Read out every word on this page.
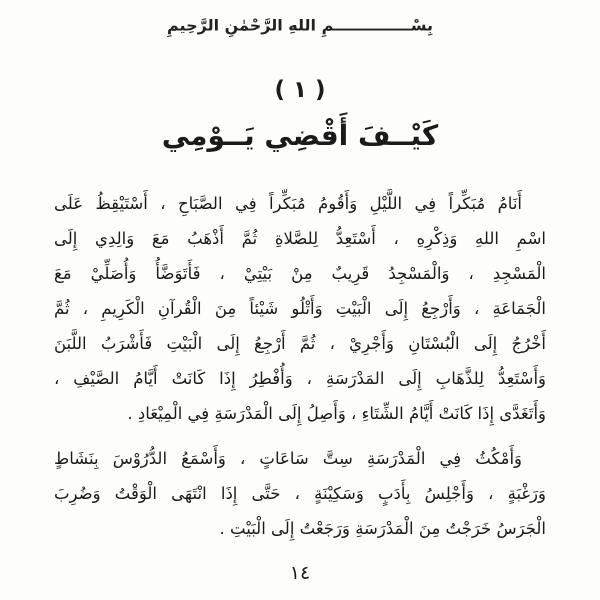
بِسْــــــــــــــمِ اللهِ الرَّحْمٰنِ الرَّحِيمِ
( ١ )
كَيْــفَ أَقْضِي يَــوْمِي
أَنَامُ مُبَكِّراً فِي اللَّيْلِ وَأَقُومُ مُبَكِّراً فِي الصَّبَاحِ ، أَسْتَيْقِظُ عَلَى
اسْمِ اللهِ وَذِكْرِهِ ، أَسْتَعِدُّ لِلصَّلاةِ ثُمَّ أَذْهَبُ مَعَ وَالِدِي إِلَى
الْمَسْجِدِ ، وَالْمَسْجِدُ قَرِيبٌ مِنْ بَيْتِيْ ، فَأَتَوَضَّأُ وَأُصَلِّيْ مَعَ
الْجَمَاعَةِ ، وَأَرْجِعُ إِلَى الْبَيْتِ وَأَتْلُو شَيْئاً مِنَ الْقُرآنِ الْكَرِيمِ ، ثُمَّ
أَخْرُجُ إِلَى الْبُسْتَانِ وَأَجْرِيْ ، ثُمَّ أَرْجِعُ إِلَى الْبَيْتِ فَأَشْرَبُ اللَّبَنَ
وَأَسْتَعِدُّ لِلذَّهَابِ إِلَى المَدْرَسَةِ ، وَأُفْطِرُ إِذَا كَانَتْ أَيَّامُ الصَّيْفِ ،
وَأَتَغَدَّى إِذَا كَانَتْ أَيَّامُ الشِّتَاءِ ، وَأَصِلُ إِلَى الْمَدْرَسَةِ فِي الْمِيْعَادِ .
وَأَمْكُثُ فِي الْمَدْرَسَةِ سِتَّ سَاعَاتٍ ، وَأَسْمَعُ الدُّرُوْسَ بِنَشَاطٍ
وَرَغْبَةٍ ، وَأَجْلِسُ بِأَدَبٍ وَسَكِيْنَةٍ ، حَتَّى إِذَا انْتَهَى الْوَقْتُ وَضُرِبَ
الْجَرَسُ خَرَجْتُ مِنَ الْمَدْرَسَةِ وَرَجَعْتُ إِلَى الْبَيْتِ .
١٤
